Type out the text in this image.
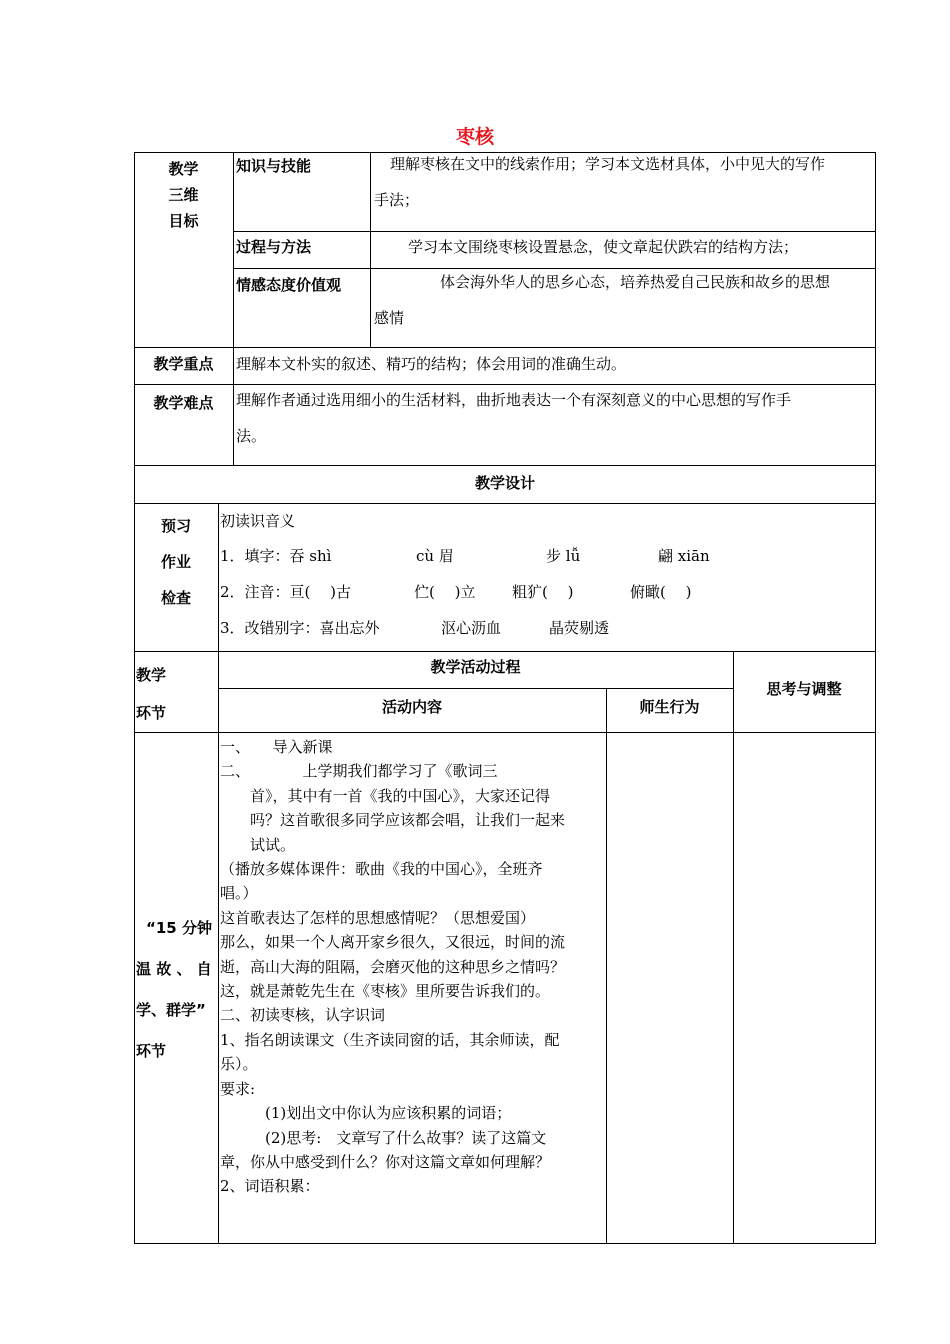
枣核
教学
三维
目标
知识与技能	理解枣核在文中的线索作用；学习本文选材具体，小中见大的写作
手法；
过程与方法	学习本文围绕枣核设置悬念，使文章起伏跌宕的结构方法；
情感态度价值观	体会海外华人的思乡心态，培养热爱自己民族和故乡的思想
感情
教学重点	理解本文朴实的叙述、精巧的结构；体会用词的准确生动。
教学难点	理解作者通过选用细小的生活材料，曲折地表达一个有深刻意义的中心思想的写作手
法。
教学设计
预习
作业
检查
初读识音义
1．填字：吞 shì	cù 眉	步 lǚ	翩 xiān
2．注音：亘(　 )古	伫(　 )立 粗犷(　 )	俯瞰(　 )
3．改错别字：喜出忘外	沤心沥血	晶荧剔透
教学
环节
教学活动过程
活动内容	师生行为
思考与调整
“15 分钟
温 故 、 自
学、群学”
环节
一、　　导入新课
二、　　　　上学期我们都学习了《歌词三
　　首》，其中有一首《我的中国心》，大家还记得
　　吗？这首歌很多同学应该都会唱，让我们一起来
　　试试。
（播放多媒体课件：歌曲《我的中国心》，全班齐
唱。）
这首歌表达了怎样的思想感情呢？（思想爱国）
那么，如果一个人离开家乡很久，又很远，时间的流
逝，高山大海的阻隔，会磨灭他的这种思乡之情吗？
这，就是萧乾先生在《枣核》里所要告诉我们的。
二、初读枣核，认字识词
1、指名朗读课文（生齐读同窗的话，其余师读，配
乐）。
要求:
　　　(1)划出文中你认为应该积累的词语；
　　　(2)思考:　文章写了什么故事？读了这篇文
章，你从中感受到什么？你对这篇文章如何理解？
2、词语积累：
